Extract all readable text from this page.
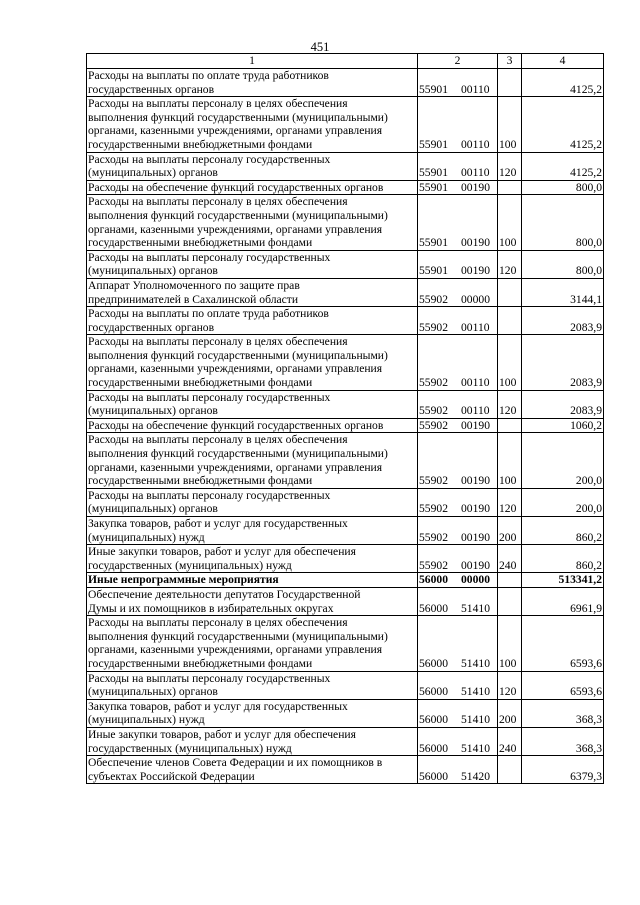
451
1	2	3	4

Расходы на выплаты по оплате труда работников
государственных органов	55901 00110		4125,2

Расходы на выплаты персоналу в целях обеспечения
выполнения функций государственными (муниципальными)
органами, казенными учреждениями, органами управления
государственными внебюджетными фондами	55901 00110	100	4125,2

Расходы на выплаты персоналу государственных
(муниципальных) органов	55901 00110	120	4125,2

Расходы на обеспечение функций государственных органов	55901 00190		800,0

Расходы на выплаты персоналу в целях обеспечения
выполнения функций государственными (муниципальными)
органами, казенными учреждениями, органами управления
государственными внебюджетными фондами	55901 00190	100	800,0

Расходы на выплаты персоналу государственных
(муниципальных) органов	55901 00190	120	800,0

Аппарат Уполномоченного по защите прав
предпринимателей в Сахалинской области	55902 00000		3144,1

Расходы на выплаты по оплате труда работников
государственных органов	55902 00110		2083,9

Расходы на выплаты персоналу в целях обеспечения
выполнения функций государственными (муниципальными)
органами, казенными учреждениями, органами управления
государственными внебюджетными фондами	55902 00110	100	2083,9

Расходы на выплаты персоналу государственных
(муниципальных) органов	55902 00110	120	2083,9

Расходы на обеспечение функций государственных органов	55902 00190		1060,2

Расходы на выплаты персоналу в целях обеспечения
выполнения функций государственными (муниципальными)
органами, казенными учреждениями, органами управления
государственными внебюджетными фондами	55902 00190	100	200,0

Расходы на выплаты персоналу государственных
(муниципальных) органов	55902 00190	120	200,0

Закупка товаров, работ и услуг для государственных
(муниципальных) нужд	55902 00190	200	860,2

Иные закупки товаров, работ и услуг для обеспечения
государственных (муниципальных) нужд	55902 00190	240	860,2

Иные непрограммные мероприятия	56000 00000		513341,2

Обеспечение деятельности депутатов Государственной
Думы и их помощников в избирательных округах	56000 51410		6961,9

Расходы на выплаты персоналу в целях обеспечения
выполнения функций государственными (муниципальными)
органами, казенными учреждениями, органами управления
государственными внебюджетными фондами	56000 51410	100	6593,6

Расходы на выплаты персоналу государственных
(муниципальных) органов	56000 51410	120	6593,6

Закупка товаров, работ и услуг для государственных
(муниципальных) нужд	56000 51410	200	368,3

Иные закупки товаров, работ и услуг для обеспечения
государственных (муниципальных) нужд	56000 51410	240	368,3

Обеспечение членов Совета Федерации и их помощников в
субъектах Российской Федерации	56000 51420		6379,3
